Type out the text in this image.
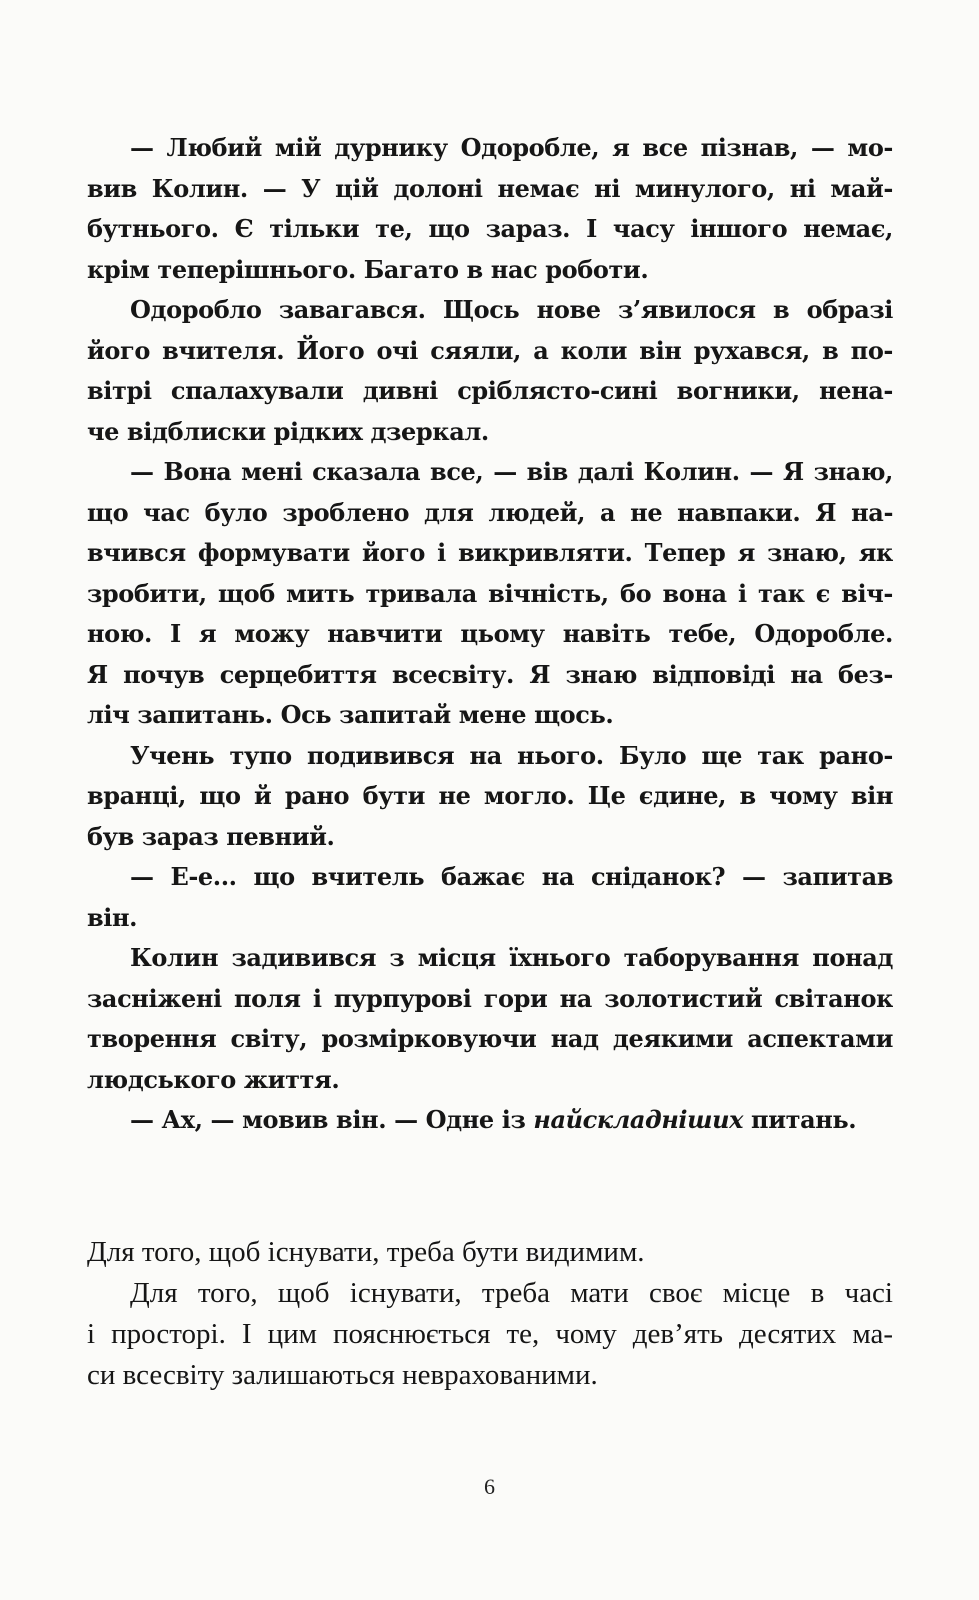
— Любий мій дурнику Одоробле, я все пізнав, — мо-
вив Колин. — У цій долоні немає ні минулого, ні май-
бутнього. Є тільки те, що зараз. І часу іншого немає,
крім теперішнього. Багато в нас роботи.
Одоробло завагався. Щось нове з’явилося в образі
його вчителя. Його очі сяяли, а коли він рухався, в по-
вітрі спалахували дивні сріблясто-сині вогники, нена-
че відблиски рідких дзеркал.
— Вона мені сказала все, — вів далі Колин. — Я знаю,
що час було зроблено для людей, а не навпаки. Я на-
вчився формувати його і викривляти. Тепер я знаю, як
зробити, щоб мить тривала вічність, бо вона і так є віч-
ною. І я можу навчити цьому навіть тебе, Одоробле.
Я почув серцебиття всесвіту. Я знаю відповіді на без-
ліч запитань. Ось запитай мене щось.
Учень тупо подивився на нього. Було ще так рано-
вранці, що й рано бути не могло. Це єдине, в чому він
був зараз певний.
— Е-е... що вчитель бажає на сніданок? — запитав
він.
Колин задивився з місця їхнього таборування понад
засніжені поля і пурпурові гори на золотистий світанок
творення світу, розмірковуючи над деякими аспектами
людського життя.
— Ах, — мовив він. — Одне із найскладніших питань.
Для того, щоб існувати, треба бути видимим.
Для того, щоб існувати, треба мати своє місце в часі
і просторі. І цим пояснюється те, чому дев’ять десятих ма-
си всесвіту залишаються неврахованими.
6
